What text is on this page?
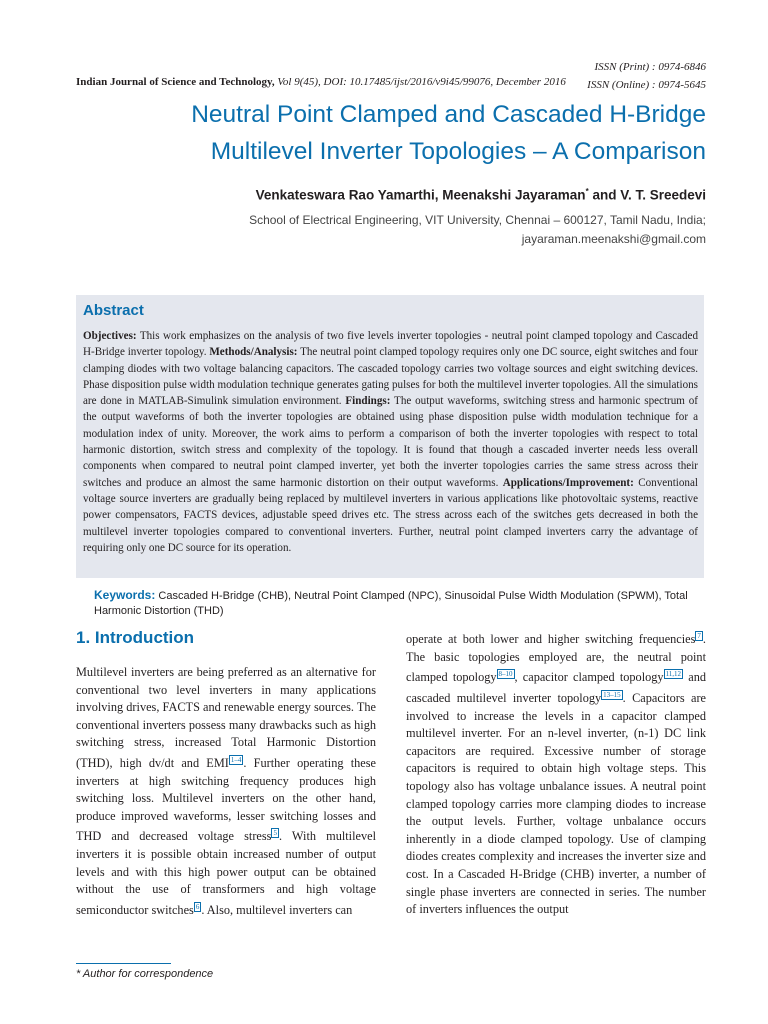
Indian Journal of Science and Technology, Vol 9(45), DOI: 10.17485/ijst/2016/v9i45/99076, December 2016
ISSN (Print) : 0974-6846
ISSN (Online) : 0974-5645
Neutral Point Clamped and Cascaded H-Bridge
Multilevel Inverter Topologies – A Comparison
Venkateswara Rao Yamarthi, Meenakshi Jayaraman* and V. T. Sreedevi
School of Electrical Engineering, VIT University, Chennai – 600127, Tamil Nadu, India;
jayaraman.meenakshi@gmail.com
Abstract
Objectives: This work emphasizes on the analysis of two five levels inverter topologies - neutral point clamped topology and Cascaded H-Bridge inverter topology. Methods/Analysis: The neutral point clamped topology requires only one DC source, eight switches and four clamping diodes with two voltage balancing capacitors. The cascaded topology carries two voltage sources and eight switching devices. Phase disposition pulse width modulation technique generates gating pulses for both the multilevel inverter topologies. All the simulations are done in MATLAB-Simulink simulation environment. Findings: The output waveforms, switching stress and harmonic spectrum of the output waveforms of both the inverter topologies are obtained using phase disposition pulse width modulation technique for a modulation index of unity. Moreover, the work aims to perform a comparison of both the inverter topologies with respect to total harmonic distortion, switch stress and complexity of the topology. It is found that though a cascaded inverter needs less overall components when compared to neutral point clamped inverter, yet both the inverter topologies carries the same stress across their switches and produce an almost the same harmonic distortion on their output waveforms. Applications/Improvement: Conventional voltage source inverters are gradually being replaced by multilevel inverters in various applications like photovoltaic systems, reactive power compensators, FACTS devices, adjustable speed drives etc. The stress across each of the switches gets decreased in both the multilevel inverter topologies compared to conventional inverters. Further, neutral point clamped inverters carry the advantage of requiring only one DC source for its operation.
Keywords: Cascaded H-Bridge (CHB), Neutral Point Clamped (NPC), Sinusoidal Pulse Width Modulation (SPWM), Total Harmonic Distortion (THD)
1. Introduction
Multilevel inverters are being preferred as an alternative for conventional two level inverters in many applications involving drives, FACTS and renewable energy sources. The conventional inverters possess many drawbacks such as high switching stress, increased Total Harmonic Distortion (THD), high dv/dt and EMI $^{1-4}$ . Further operating these inverters at high switching frequency produces high switching loss. Multilevel inverters on the other hand, produce improved waveforms, lesser switching losses and THD and decreased voltage stress $^5$ . With multilevel inverters it is possible obtain increased number of output levels and with this high power output can be obtained without the use of transformers and high voltage semiconductor switches $^6$ . Also, multilevel inverters can
operate at both lower and higher switching frequencies $^7$ . The basic topologies employed are, the neutral point clamped topology $^{8-10}$ , capacitor clamped topology $^{11,12}$ and cascaded multilevel inverter topology $^{13-15}$ . Capacitors are involved to increase the levels in a capacitor clamped multilevel inverter. For an n-level inverter, (n-1) DC link capacitors are required. Excessive number of storage capacitors is required to obtain high voltage steps. This topology also has voltage unbalance issues. A neutral point clamped topology carries more clamping diodes to increase the output levels. Further, voltage unbalance occurs inherently in a diode clamped topology. Use of clamping diodes creates complexity and increases the inverter size and cost. In a Cascaded H-Bridge (CHB) inverter, a number of single phase inverters are connected in series. The number of inverters influences the output
* Author for correspondence
